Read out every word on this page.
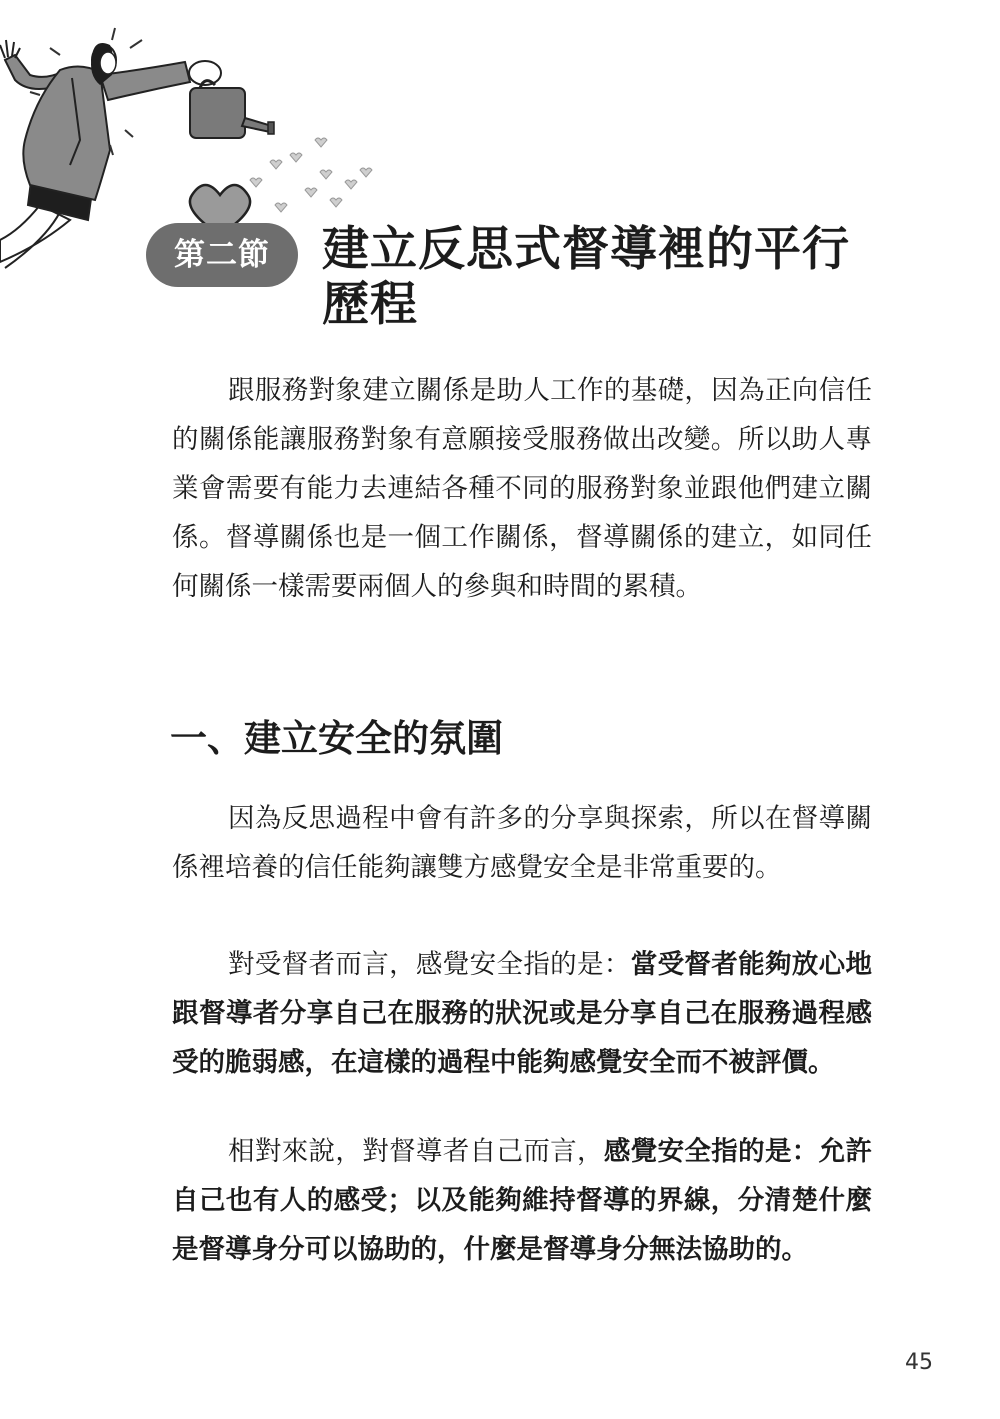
第二節	建立反思式督導裡的平行歷程

跟服務對象建立關係是助人工作的基礎，因為正向信任的關係能讓服務對象有意願接受服務做出改變。所以助人專業會需要有能力去連結各種不同的服務對象並跟他們建立關係。督導關係也是一個工作關係，督導關係的建立，如同任何關係一樣需要兩個人的參與和時間的累積。

一、建立安全的氛圍

因為反思過程中會有許多的分享與探索，所以在督導關係裡培養的信任能夠讓雙方感覺安全是非常重要的。

對受督者而言，感覺安全指的是：當受督者能夠放心地跟督導者分享自己在服務的狀況或是分享自己在服務過程感受的脆弱感，在這樣的過程中能夠感覺安全而不被評價。

相對來說，對督導者自己而言，感覺安全指的是：允許自己也有人的感受；以及能夠維持督導的界線，分清楚什麼是督導身分可以協助的，什麼是督導身分無法協助的。

45
